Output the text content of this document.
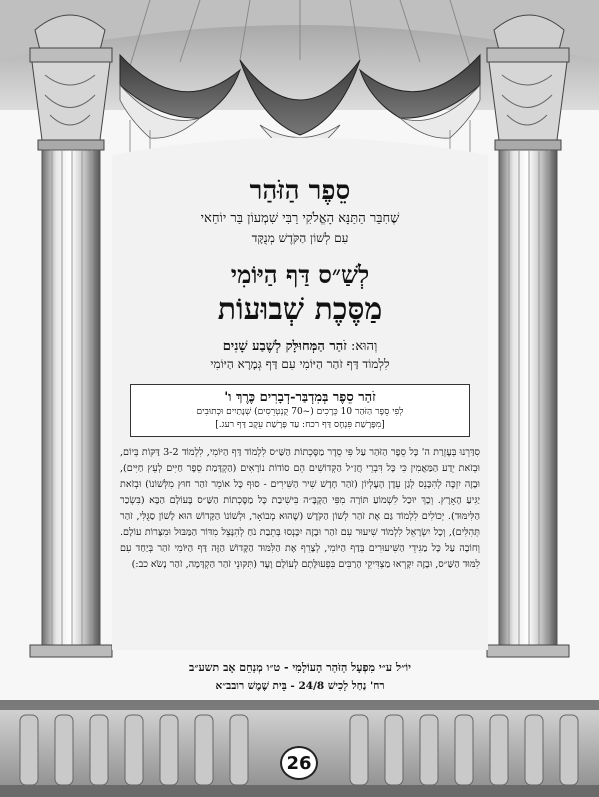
סֵפֶר הַזֹּהַר
שֶׁחִבֵּר הַתַּנָּא הָאֱלֹקִי רַבִּי שִׁמְעוֹן בַּר יוֹחַאי
עִם לְשׁוֹן הַקֹּדֶשׁ מְנֻקָּד
לְשַׁ״ס דַּף הַיּוֹמִי
מַסֶּכֶת שְׁבוּעוֹת
וְהוּא: זֹהַר הַמְּחוּלָּק לְשֶׁבַע שָׁנִים
לִלְמוֹד דַּף זֹהַר הַיּוֹמִי עִם דַּף גְּמָרָא הַיּוֹמִי
זֹהַר סֵפֶר בְּמִדְבַּר-דְבָרִים כֶּרֶךְ ו'
לְפִי סֵפֶר הַזֹּהַר 10 כְּרָכִים (~70 קֻנְטְרֵסִים) שְׁנָתַיִים וּכְתוּבִים
[מִפָּרָשַׁת פִּנְחָס דַּף רכח: עַד פָּרָשַׁת עֵקֶב דַּף רעג.]
סִדַּרְנוּ בְּעֶזְרַת ה' כָּל סֵפֶר הַזֹּהַר עַל פִּי סֵדֶר מַסֶּכְתוֹת הַשַּׁ״ס לִלְמוֹד דַּף הַיּוֹמִי, לִלְמוֹד 3-2 דַּקּוֹת בְּיוֹם, וּבְזֹאת יֵדַע הַמַּאֲמִין כִּי כָּל דִּבְרֵי חֲזַ״ל הַקְּדוֹשִׁים הֵם סוֹדוֹת נוֹרָאִים (הַקְדָּמַת סֵפֶר חַיִּים לְעֵץ חַיִּים), וּבָזֶה יִזְכֶּה לְהִכָּנֵס לְגַן עֵדֶן הָעֶלְיוֹן (זֹהַר חָדָשׁ שִׁיר הַשִּׁירִים - סוּף כָּל אוֹמֵר זֹהַר חוּץ מִלְּשׁוֹנוֹ) וּבְזֹאת יַגִּיעַ הָאָרֶץ. וְכָךְ יוּכַל לִשְׁמוֹעַ תּוֹרָה מִפִּי הַקָּבָּ״ה בִּישִׁיבַת כָּל מַסֶּכְתוֹת הַשַּׁ״ס בָּעוֹלָם הַבָּא (בִּשְׂכַר הַלִּימּוּד). יְכוֹלִים לִלְמוֹד גַּם אֶת זֹהַר לְשׁוֹן הַקֹּדֶשׁ (שֶׁהוּא מְבוֹאָר, וּלְשׁוֹנוֹ הַקָּדוֹשׁ הוּא לָשׁוֹן סַגֻּלִּי, זֹהַר תְּהִלִּים), וְכָל יִשְׂרָאֵל לִלְמוֹד שִׁיעוּר עִם זֹהַר וּבָזֶה יִכָּנְסוּ בְּתֵבַת נֹחַ לְהִנָּצֵל מִדּוֹר הַמַּבּוּל וּמִצָּרוֹת עוֹלָם. וְחוֹבָה עַל כָּל מַגִּידֵי הַשִּׁיעוּרִים בְּדַף הַיּוֹמִי, לְצָרֵף אֶת הַלִּמּוּד הַקָּדוֹשׁ הַזֶּה דַּף הַיּוֹמִי זֹהַר בְּיַחַד עִם לִמּוּד הַשַּׁ״ס, וּבָזֶה יִקָּרְאוּ מַצְדִּיקֵי הָרַבִּים בִּפְעוּלָּתָם לְעוֹלָם וָעֶד (תִּקּוּנֵי זֹהַר הַקְדָּמָה, זֹהַר נָשֹׂא כב:)
יוֹ״ל ע״י מִפְעָל הַזֹּהַר הָעוֹלָמִי - ט״ו מְנַחֵם אָב תשע״ב
רח' נַחַל לָכִישׁ 24/8 - בֵּית שֶׁמֶשׁ רובב״א
26
